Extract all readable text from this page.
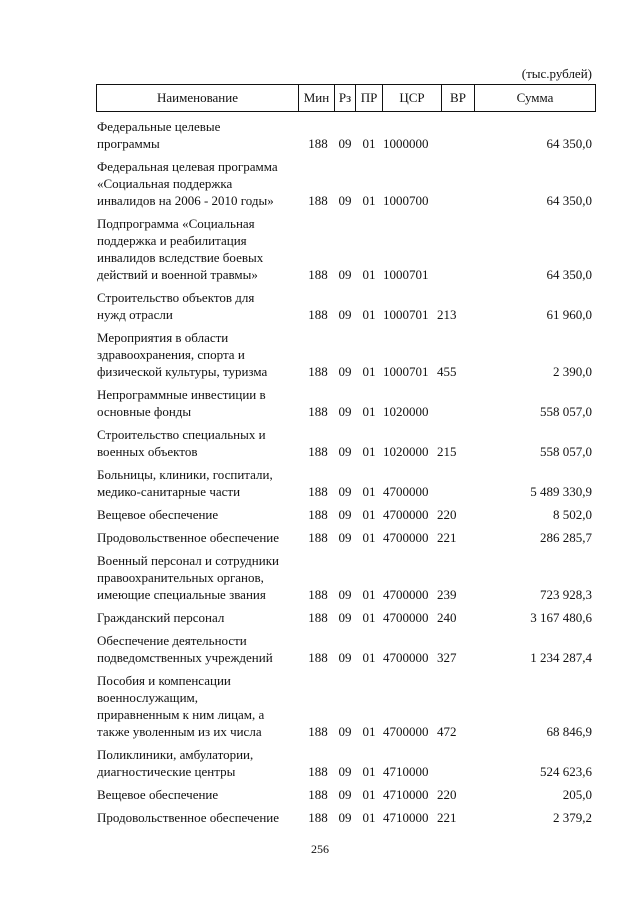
(тыс.рублей)
Наименование	Мин Рз ПР	ЦСР	ВР	Сумма
Федеральные целевые
программы	188 09 01 1000000	64 350,0
Федеральная целевая программа
«Социальная поддержка
инвалидов на 2006 - 2010 годы»	188 09 01 1000700	64 350,0
Подпрограмма «Социальная
поддержка и реабилитация
инвалидов вследствие боевых
действий и военной травмы»	188 09 01 1000701	64 350,0
Строительство объектов для
нужд отрасли	188 09 01 1000701 213	61 960,0
Мероприятия в области
здравоохранения, спорта и
физической культуры, туризма	188 09 01 1000701 455	2 390,0
Непрограммные инвестиции в
основные фонды	188 09 01 1020000	558 057,0
Строительство специальных и
военных объектов	188 09 01 1020000 215	558 057,0
Больницы, клиники, госпитали,
медико-санитарные части	188 09 01 4700000	5 489 330,9
Вещевое обеспечение	188 09 01 4700000 220	8 502,0
Продовольственное обеспечение	188 09 01 4700000 221	286 285,7
Военный персонал и сотрудники
правоохранительных органов,
имеющие специальные звания	188 09 01 4700000 239	723 928,3
Гражданский персонал	188 09 01 4700000 240	3 167 480,6
Обеспечение деятельности
подведомственных учреждений	188 09 01 4700000 327	1 234 287,4
Пособия и компенсации
военнослужащим,
приравненным к ним лицам, а
также уволенным из их числа	188 09 01 4700000 472	68 846,9
Поликлиники, амбулатории,
диагностические центры	188 09 01 4710000	524 623,6
Вещевое обеспечение	188 09 01 4710000 220	205,0
Продовольственное обеспечение	188 09 01 4710000 221	2 379,2
256
